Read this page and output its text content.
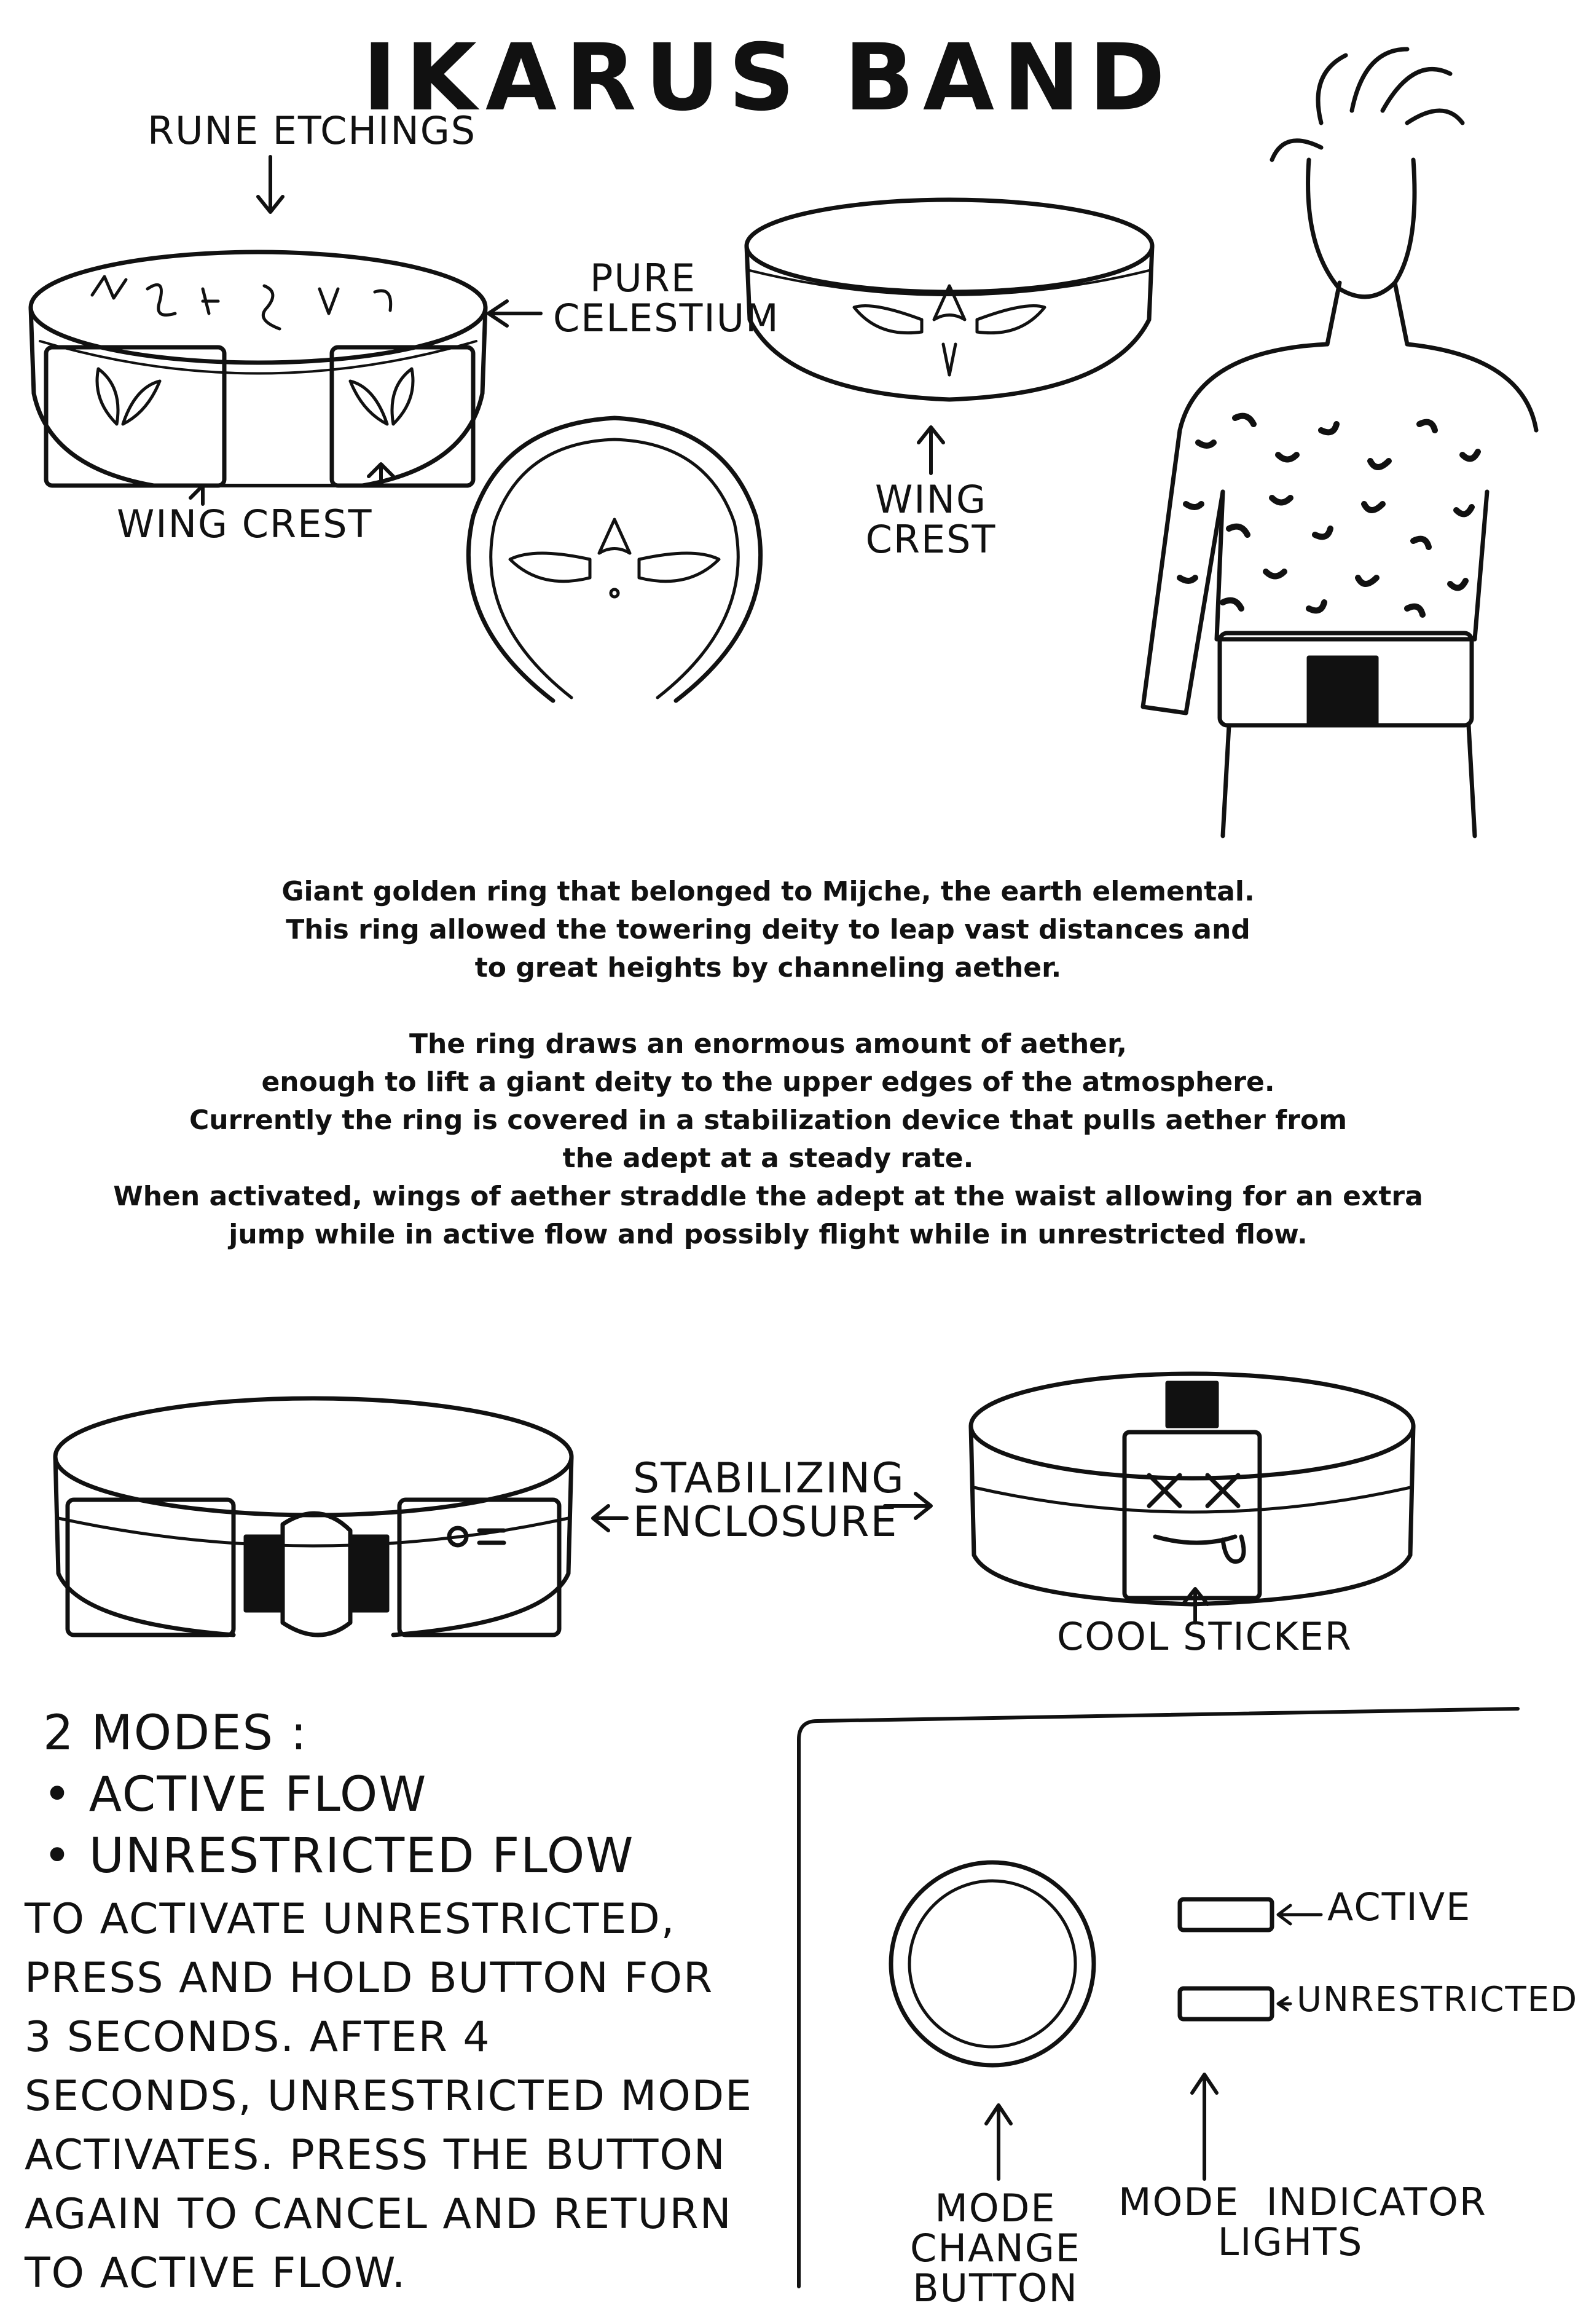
IKARUS BAND
RUNE ETCHINGS
PURE
CELESTIUM
WING CREST
WING
CREST

Giant golden ring that belonged to Mijche, the earth elemental.

This ring allowed the towering deity to leap vast distances and

to great heights by channeling aether.

The ring draws an enormous amount of aether,

enough to lift a giant deity to the upper edges of the atmosphere.

Currently the ring is covered in a stabilization device that pulls aether from

the adept at a steady rate.

When activated, wings of aether straddle the adept at the waist allowing for an extra

jump while in active flow and possibly flight while in unrestricted flow.

STABILIZING
ENCLOSURE
COOL STICKER
2 MODES :
• ACTIVE FLOW
• UNRESTRICTED FLOW
TO ACTIVATE UNRESTRICTED,
PRESS AND HOLD BUTTON FOR
3 SECONDS. AFTER 4
SECONDS, UNRESTRICTED MODE
ACTIVATES. PRESS THE BUTTON
AGAIN TO CANCEL AND RETURN
TO ACTIVE FLOW.
ACTIVE
UNRESTRICTED
MODE
CHANGE
BUTTON
MODE  INDICATOR
LIGHTS
